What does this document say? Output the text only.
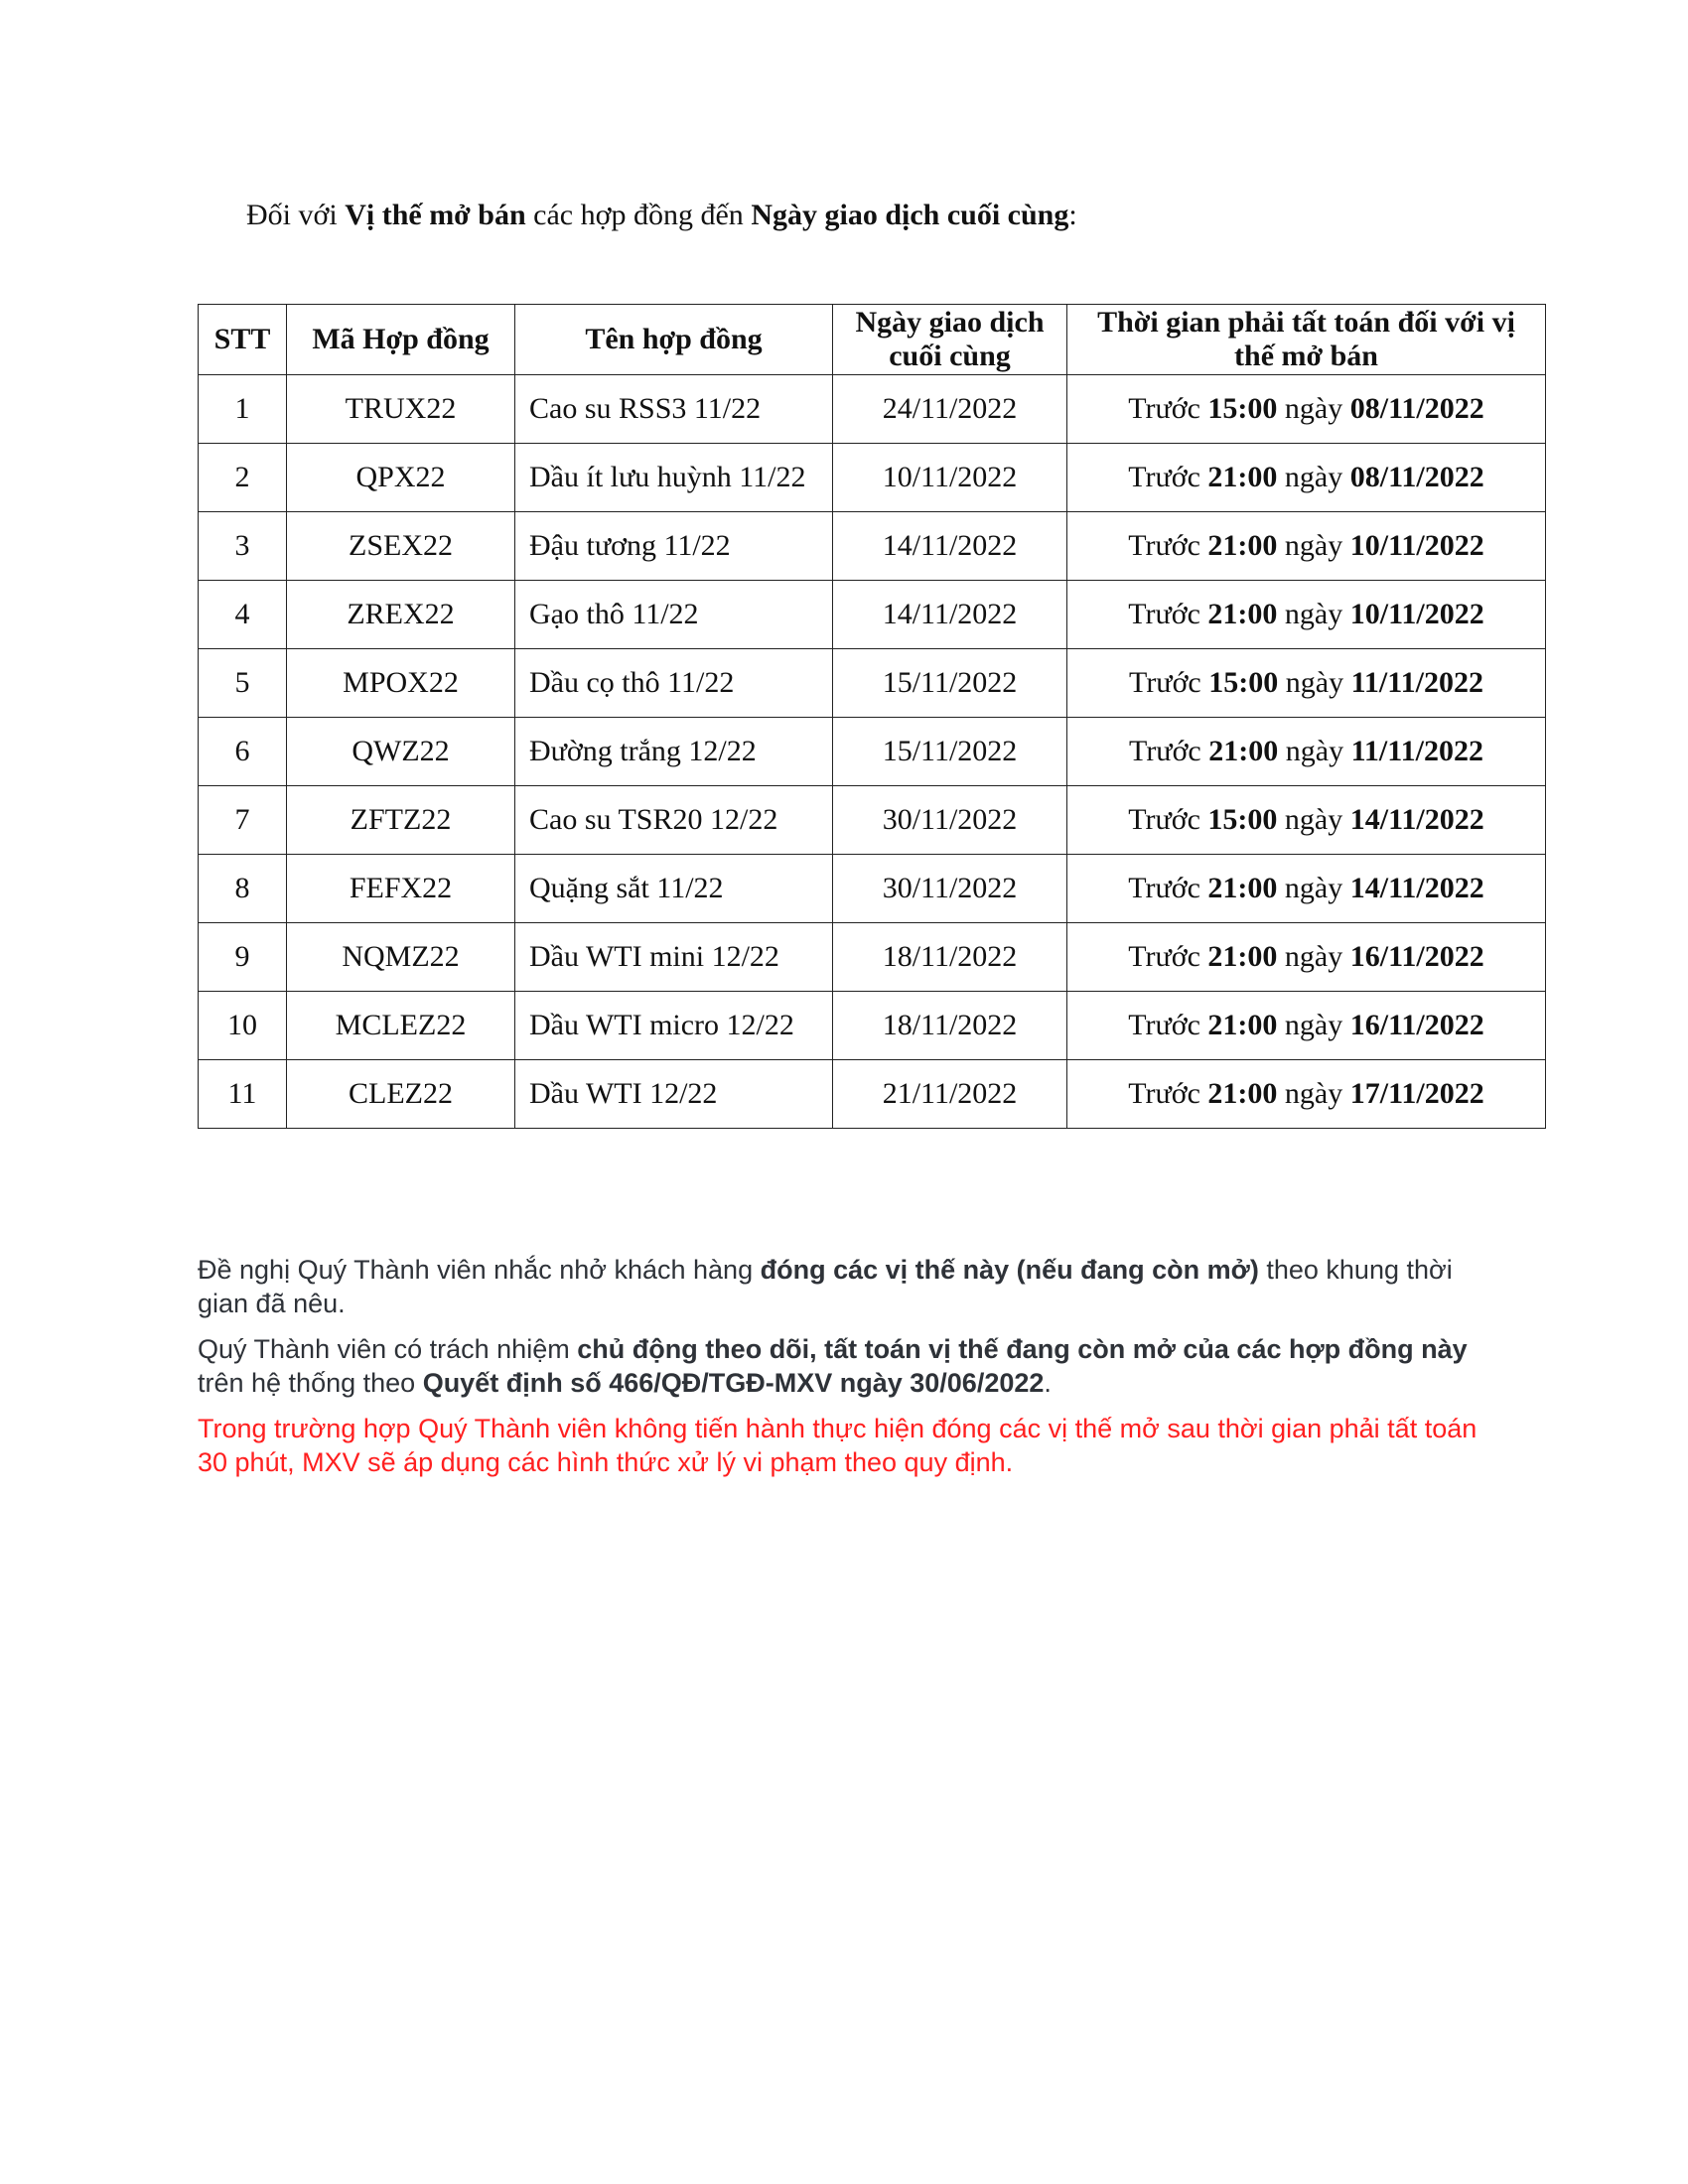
Đối với Vị thế mở bán các hợp đồng đến Ngày giao dịch cuối cùng:
STT	Mã Hợp đồng	Tên hợp đồng	Ngày giao dịch cuối cùng	Thời gian phải tất toán đối với vị thế mở bán
1	TRUX22	Cao su RSS3 11/22	24/11/2022	Trước 15:00 ngày 08/11/2022
2	QPX22	Dầu ít lưu huỳnh 11/22	10/11/2022	Trước 21:00 ngày 08/11/2022
3	ZSEX22	Đậu tương 11/22	14/11/2022	Trước 21:00 ngày 10/11/2022
4	ZREX22	Gạo thô 11/22	14/11/2022	Trước 21:00 ngày 10/11/2022
5	MPOX22	Dầu cọ thô 11/22	15/11/2022	Trước 15:00 ngày 11/11/2022
6	QWZ22	Đường trắng 12/22	15/11/2022	Trước 21:00 ngày 11/11/2022
7	ZFTZ22	Cao su TSR20 12/22	30/11/2022	Trước 15:00 ngày 14/11/2022
8	FEFX22	Quặng sắt 11/22	30/11/2022	Trước 21:00 ngày 14/11/2022
9	NQMZ22	Dầu WTI mini 12/22	18/11/2022	Trước 21:00 ngày 16/11/2022
10	MCLEZ22	Dầu WTI micro 12/22	18/11/2022	Trước 21:00 ngày 16/11/2022
11	CLEZ22	Dầu WTI 12/22	21/11/2022	Trước 21:00 ngày 17/11/2022

Đề nghị Quý Thành viên nhắc nhở khách hàng đóng các vị thế này (nếu đang còn mở) theo khung thời gian đã nêu.

Quý Thành viên có trách nhiệm chủ động theo dõi, tất toán vị thế đang còn mở của các hợp đồng này trên hệ thống theo Quyết định số 466/QĐ/TGĐ-MXV ngày 30/06/2022.

Trong trường hợp Quý Thành viên không tiến hành thực hiện đóng các vị thế mở sau thời gian phải tất toán 30 phút, MXV sẽ áp dụng các hình thức xử lý vi phạm theo quy định.
